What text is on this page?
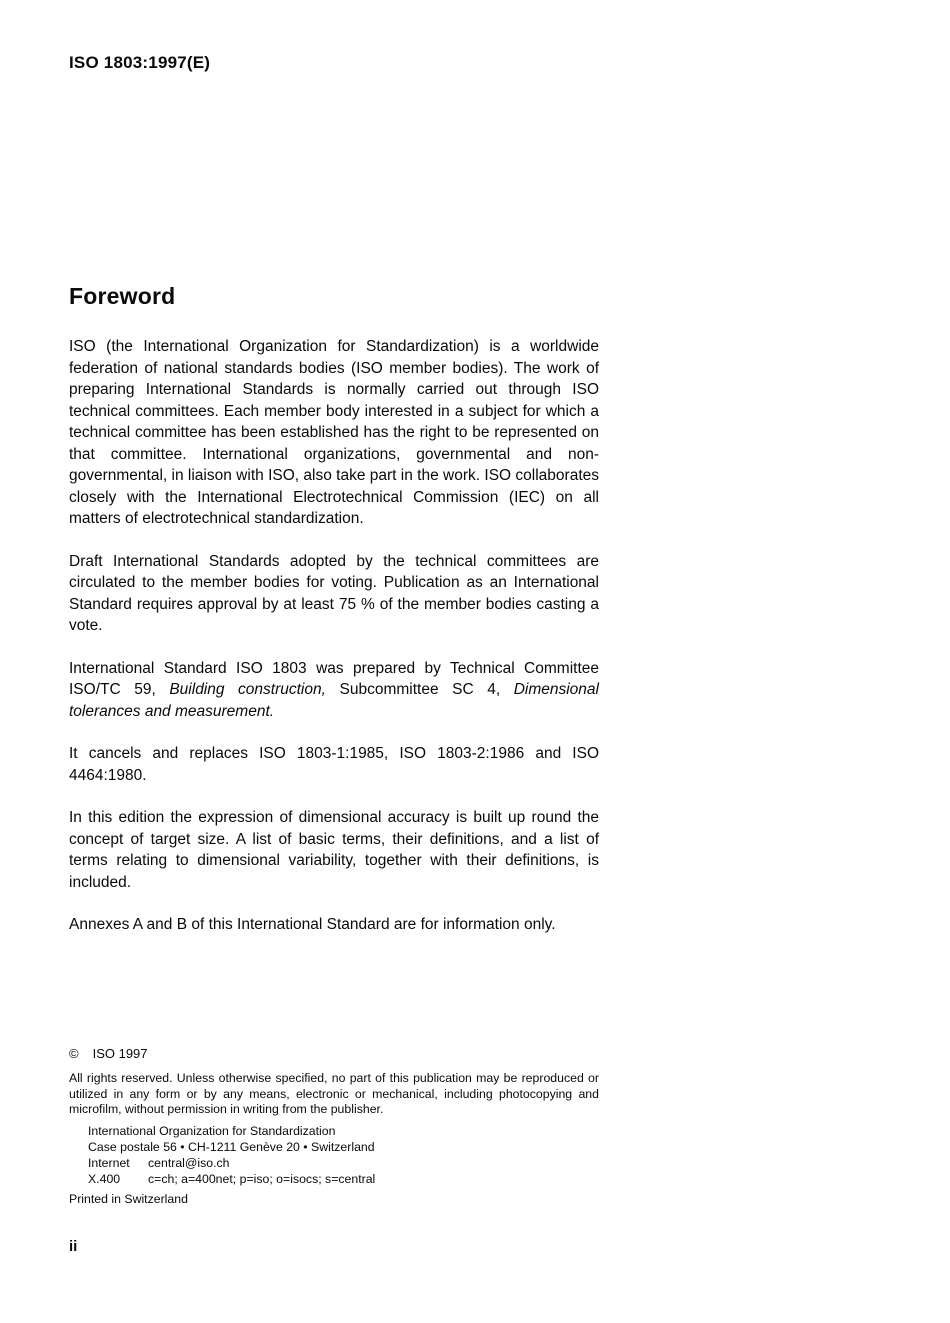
ISO 1803:1997(E)
Foreword

ISO (the International Organization for Standardization) is a worldwide federation of national standards bodies (ISO member bodies). The work of preparing International Standards is normally carried out through ISO technical committees. Each member body interested in a subject for which a technical committee has been established has the right to be represented on that committee. International organizations, governmental and non-governmental, in liaison with ISO, also take part in the work. ISO collaborates closely with the International Electrotechnical Commission (IEC) on all matters of electrotechnical standardization.

Draft International Standards adopted by the technical committees are circulated to the member bodies for voting. Publication as an International Standard requires approval by at least 75 % of the member bodies casting a vote.

International Standard ISO 1803 was prepared by Technical Committee ISO/TC 59, Building construction, Subcommittee SC 4, Dimensional tolerances and measurement.

It cancels and replaces ISO 1803-1:1985, ISO 1803-2:1986 and ISO 4464:1980.

In this edition the expression of dimensional accuracy is built up round the concept of target size. A list of basic terms, their definitions, and a list of terms relating to dimensional variability, together with their definitions, is included.

Annexes A and B of this International Standard are for information only.

© ISO 1997

All rights reserved. Unless otherwise specified, no part of this publication may be reproduced or utilized in any form or by any means, electronic or mechanical, including photocopying and microfilm, without permission in writing from the publisher.

International Organization for Standardization
Case postale 56 • CH-1211 Genève 20 • Switzerland
Internet	central@iso.ch
X.400	c=ch; a=400net; p=iso; o=isocs; s=central
Printed in Switzerland
ii
